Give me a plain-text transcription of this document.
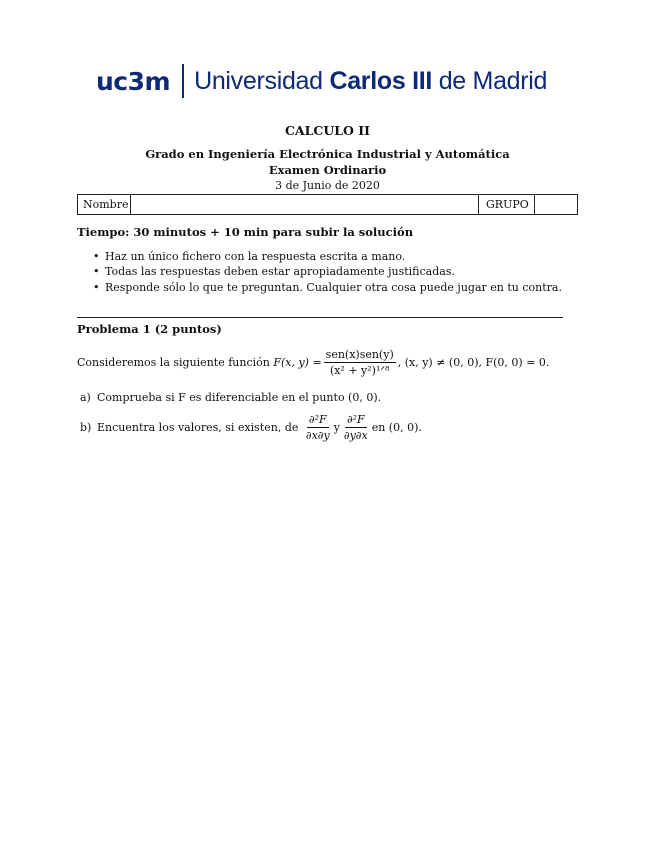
uc3m Universidad Carlos III de Madrid
CALCULO II
Grado en Ingeniería Electrónica Industrial y Automática
Examen Ordinario
3 de Junio de 2020
Nombre	GRUPO
Tiempo: 30 minutos + 10 min para subir la solución
• Haz un único fichero con la respuesta escrita a mano.
• Todas las respuestas deben estar apropiadamente justificadas.
• Responde sólo lo que te preguntan. Cualquier otra cosa puede jugar en tu contra.
Problema 1 (2 puntos)
Consideremos la siguiente función
F(x, $y) = \frac{\text{sen(x)sen(y)}}{\text{(x² + y²)¹ᐟ⁸}}$ , (x, y) ≠ (0, 0), F(0, 0) = 0.
a) Comprueba si F es diferenciable en el punto (0, 0).
b) Encuentra los valores, si existen, de
$\frac{\text{∂²F}}{\partial x\partial y}$ y $\frac{\text{∂²F}}{\partial y\partial x}$ en (0, 0).
